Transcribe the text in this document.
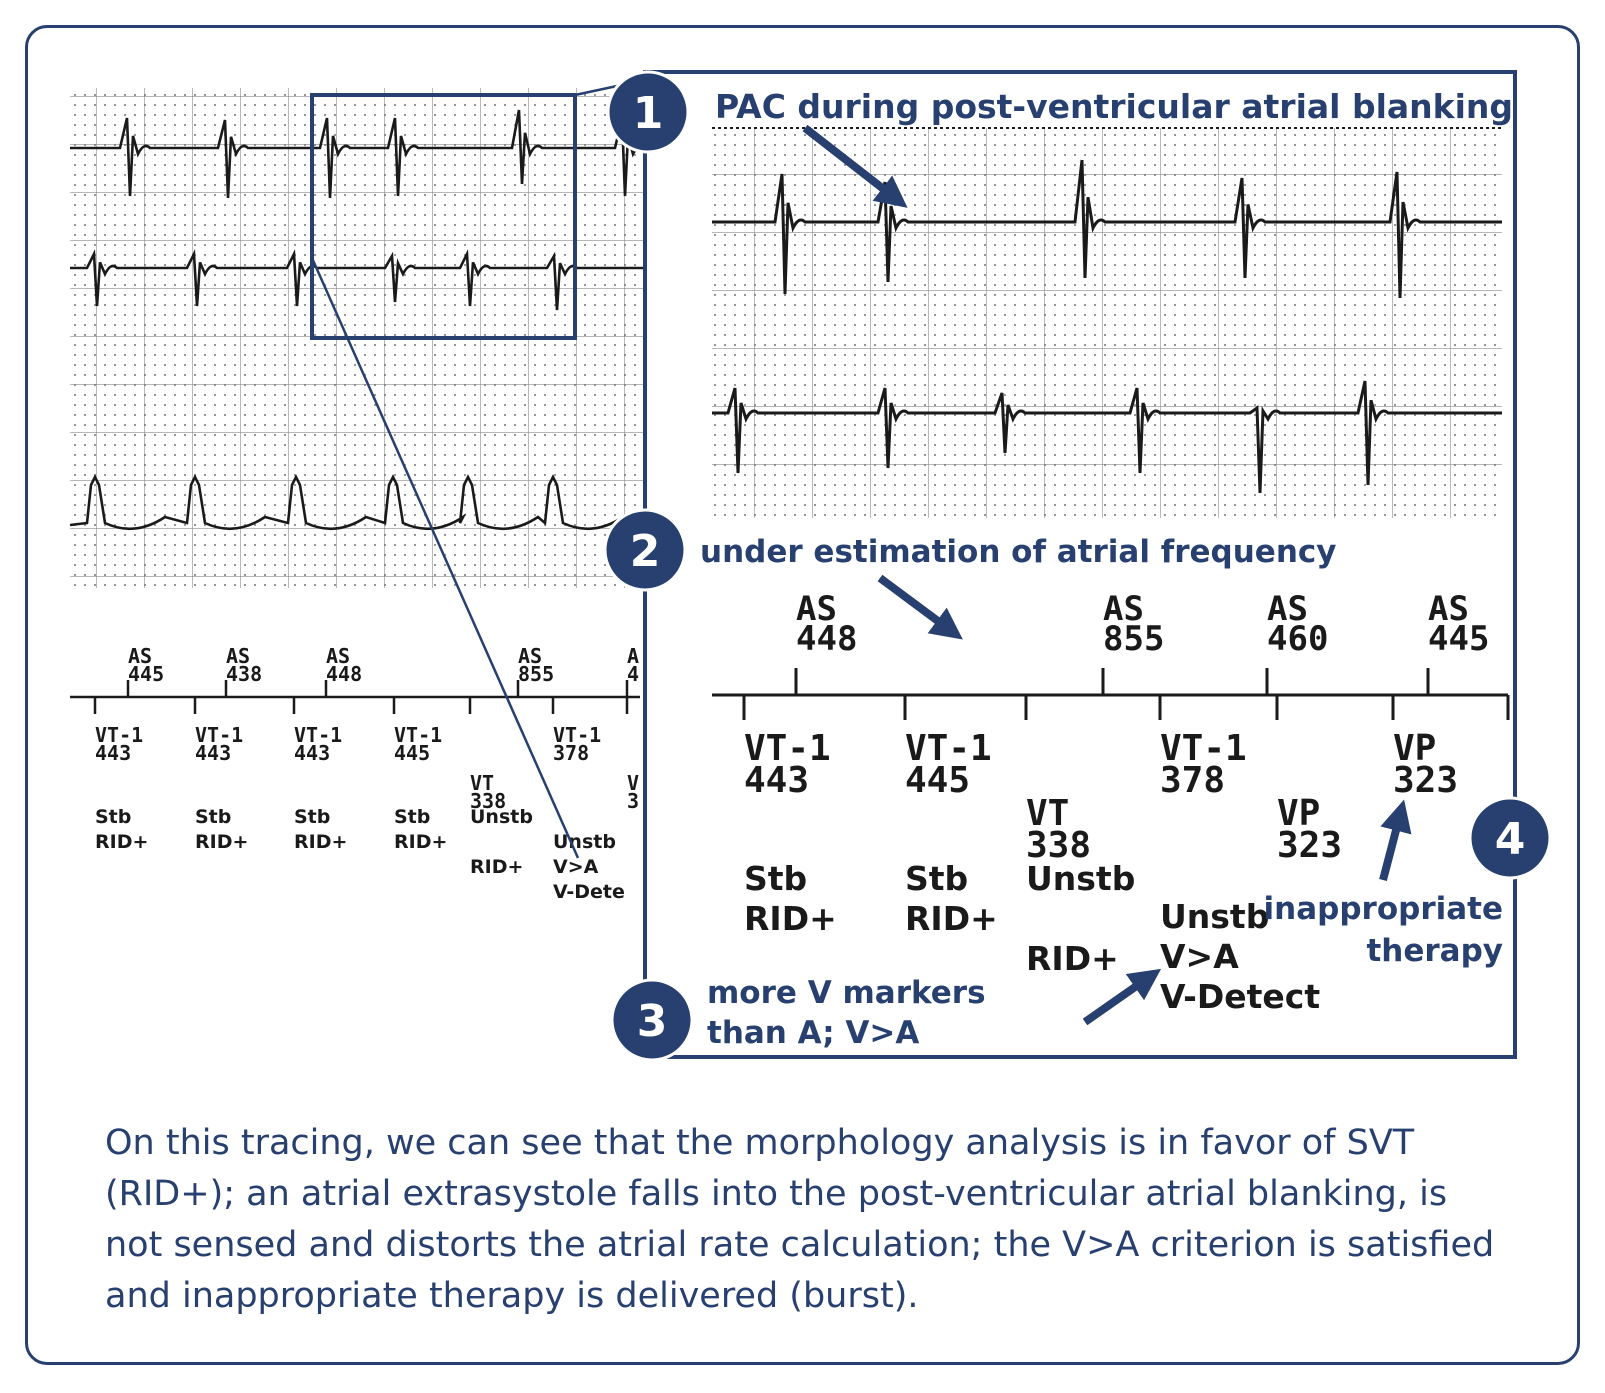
AS
445
AS
438
AS
448
AS
855
A
4
VT-1
443
Stb
RID+
VT-1
443
Stb
RID+
VT-1
443
Stb
RID+
VT-1
445
Stb
RID+
VT
338
Unstb
RID+
VT-1
378
Unstb
V>A
V-Dete
V
3
AS
448
AS
855
AS
460
AS
445
VT-1
443
Stb
RID+
VT-1
445
Stb
RID+
VT
338
Unstb
RID+
VT-1
378
Unstb
V>A
V-Detect
VP
323
VP
323
1 PAC during post-ventricular atrial blanking
2 under estimation of atrial frequency
3
more V markers
than A; V>A
4
inappropriate
therapy

On this tracing, we can see that the morphology analysis is in favor of SVT (RID+); an atrial extrasystole falls into the post-ventricular atrial blanking, is not sensed and distorts the atrial rate calculation; the V>A criterion is satisfied and inappropriate therapy is delivered (burst).
